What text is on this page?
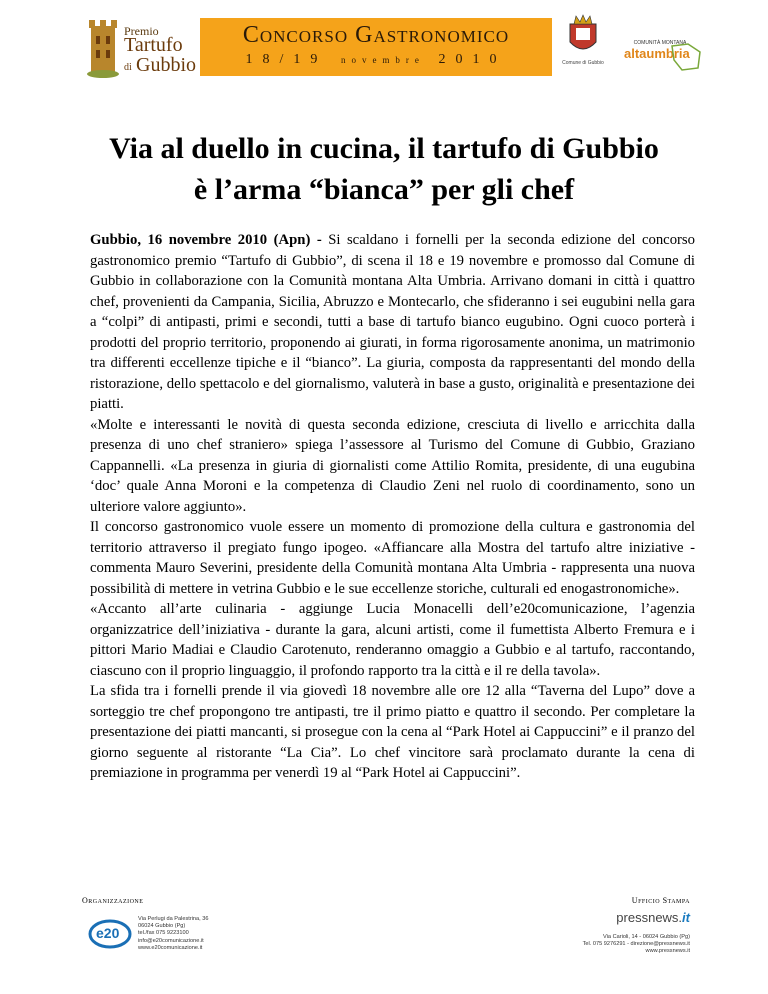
Premio
Tartufo
di Gubbio
Concorso Gastronomico
18/19 novembre 2010	Comune di Gubbio
COMUNITÀ MONTANA
altaumbria
Via al duello in cucina, il tartufo di Gubbio
è l’arma “bianca” per gli chef

Gubbio, 16 novembre 2010 (Apn) - Si scaldano i fornelli per la seconda edizione del concorso gastronomico premio “Tartufo di Gubbio”, di scena il 18 e 19 novembre e promosso dal Comune di Gubbio in collaborazione con la Comunità montana Alta Umbria. Arrivano domani in città i quattro chef, provenienti da Campania, Sicilia, Abruzzo e Montecarlo, che sfideranno i sei eugubini nella gara a “colpi” di antipasti, primi e secondi, tutti a base di tartufo bianco eugubino. Ogni cuoco porterà i prodotti del proprio territorio, proponendo ai giurati, in forma rigorosamente anonima, un matrimonio tra differenti eccellenze tipiche e il “bianco”. La giuria, composta da rappresentanti del mondo della ristorazione, dello spettacolo e del giornalismo, valuterà in base a gusto, originalità e presentazione dei piatti.

«Molte e interessanti le novità di questa seconda edizione, cresciuta di livello e arricchita dalla presenza di uno chef straniero» spiega l’assessore al Turismo del Comune di Gubbio, Graziano Cappannelli. «La presenza in giuria di giornalisti come Attilio Romita, presidente, di una eugubina ‘doc’ quale Anna Moroni e la competenza di Claudio Zeni nel ruolo di coordinamento, sono un ulteriore valore aggiunto».

Il concorso gastronomico vuole essere un momento di promozione della cultura e gastronomia del territorio attraverso il pregiato fungo ipogeo. «Affiancare alla Mostra del tartufo altre iniziative - commenta Mauro Severini, presidente della Comunità montana Alta Umbria - rappresenta una nuova possibilità di mettere in vetrina Gubbio e le sue eccellenze storiche, culturali ed enogastronomiche».

«Accanto all’arte culinaria - aggiunge Lucia Monacelli dell’e20comunicazione, l’agenzia organizzatrice dell’iniziativa - durante la gara, alcuni artisti, come il fumettista Alberto Fremura e i pittori Mario Madiai e Claudio Carotenuto, renderanno omaggio a Gubbio e al tartufo, raccontando, ciascuno con il proprio linguaggio, il profondo rapporto tra la città e il re della tavola».

La sfida tra i fornelli prende il via giovedì 18 novembre alle ore 12 alla “Taverna del Lupo” dove a sorteggio tre chef propongono tre antipasti, tre il primo piatto e quattro il secondo. Per completare la presentazione dei piatti mancanti, si prosegue con la cena al “Park Hotel ai Cappuccini” e il pranzo del giorno seguente al ristorante “La Cia”. Lo chef vincitore sarà proclamato durante la cena di premiazione in programma per venerdì 19 al “Park Hotel ai Cappuccini”.

Organizzazione
e20
Via Perlugi da Palestrina, 36
06024 Gubbio (Pg)
tel./fax 075 9223100
info@e20comunicazione.it
www.e20comunicazione.it
Ufficio Stampa
pressnews.it
Via Carioli, 14 - 06024 Gubbio (Pg)
Tel. 075 9276291 - direzione@pressnews.it
www.pressnews.it
